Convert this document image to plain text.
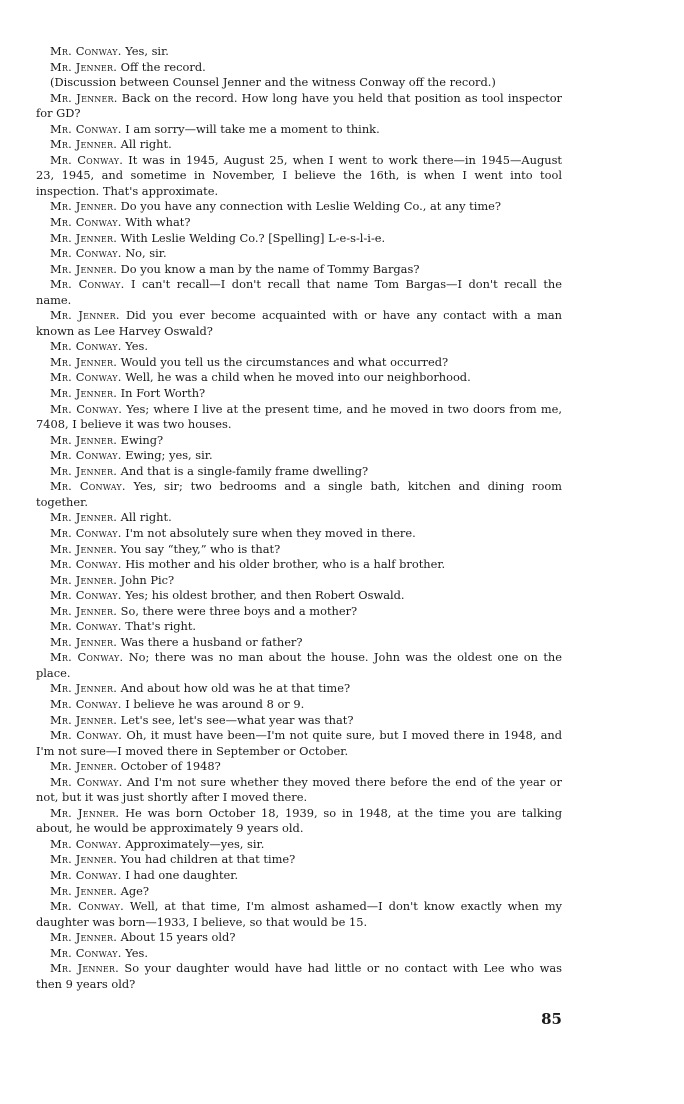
Mr. Conway. Yes, sir.

Mr. Jenner. Off the record.

(Discussion between Counsel Jenner and the witness Conway off the record.)

Mr. Jenner. Back on the record. How long have you held that position as tool inspector for GD?

Mr. Conway. I am sorry—will take me a moment to think.

Mr. Jenner. All right.

Mr. Conway. It was in 1945, August 25, when I went to work there—in 1945—August 23, 1945, and sometime in November, I believe the 16th, is when I went into tool inspection. That's approximate.

Mr. Jenner. Do you have any connection with Leslie Welding Co., at any time?

Mr. Conway. With what?

Mr. Jenner. With Leslie Welding Co.? [Spelling] L-e-s-l-i-e.

Mr. Conway. No, sir.

Mr. Jenner. Do you know a man by the name of Tommy Bargas?

Mr. Conway. I can't recall—I don't recall that name Tom Bargas—I don't recall the name.

Mr. Jenner. Did you ever become acquainted with or have any contact with a man known as Lee Harvey Oswald?

Mr. Conway. Yes.

Mr. Jenner. Would you tell us the circumstances and what occurred?

Mr. Conway. Well, he was a child when he moved into our neighborhood.

Mr. Jenner. In Fort Worth?

Mr. Conway. Yes; where I live at the present time, and he moved in two doors from me, 7408, I believe it was two houses.

Mr. Jenner. Ewing?

Mr. Conway. Ewing; yes, sir.

Mr. Jenner. And that is a single-family frame dwelling?

Mr. Conway. Yes, sir; two bedrooms and a single bath, kitchen and dining room together.

Mr. Jenner. All right.

Mr. Conway. I'm not absolutely sure when they moved in there.

Mr. Jenner. You say “they,” who is that?

Mr. Conway. His mother and his older brother, who is a half brother.

Mr. Jenner. John Pic?

Mr. Conway. Yes; his oldest brother, and then Robert Oswald.

Mr. Jenner. So, there were three boys and a mother?

Mr. Conway. That's right.

Mr. Jenner. Was there a husband or father?

Mr. Conway. No; there was no man about the house. John was the oldest one on the place.

Mr. Jenner. And about how old was he at that time?

Mr. Conway. I believe he was around 8 or 9.

Mr. Jenner. Let's see, let's see—what year was that?

Mr. Conway. Oh, it must have been—I'm not quite sure, but I moved there in 1948, and I'm not sure—I moved there in September or October.

Mr. Jenner. October of 1948?

Mr. Conway. And I'm not sure whether they moved there before the end of the year or not, but it was just shortly after I moved there.

Mr. Jenner. He was born October 18, 1939, so in 1948, at the time you are talking about, he would be approximately 9 years old.

Mr. Conway. Approximately—yes, sir.

Mr. Jenner. You had children at that time?

Mr. Conway. I had one daughter.

Mr. Jenner. Age?

Mr. Conway. Well, at that time, I'm almost ashamed—I don't know exactly when my daughter was born—1933, I believe, so that would be 15.

Mr. Jenner. About 15 years old?

Mr. Conway. Yes.

Mr. Jenner. So your daughter would have had little or no contact with Lee who was then 9 years old?

85
